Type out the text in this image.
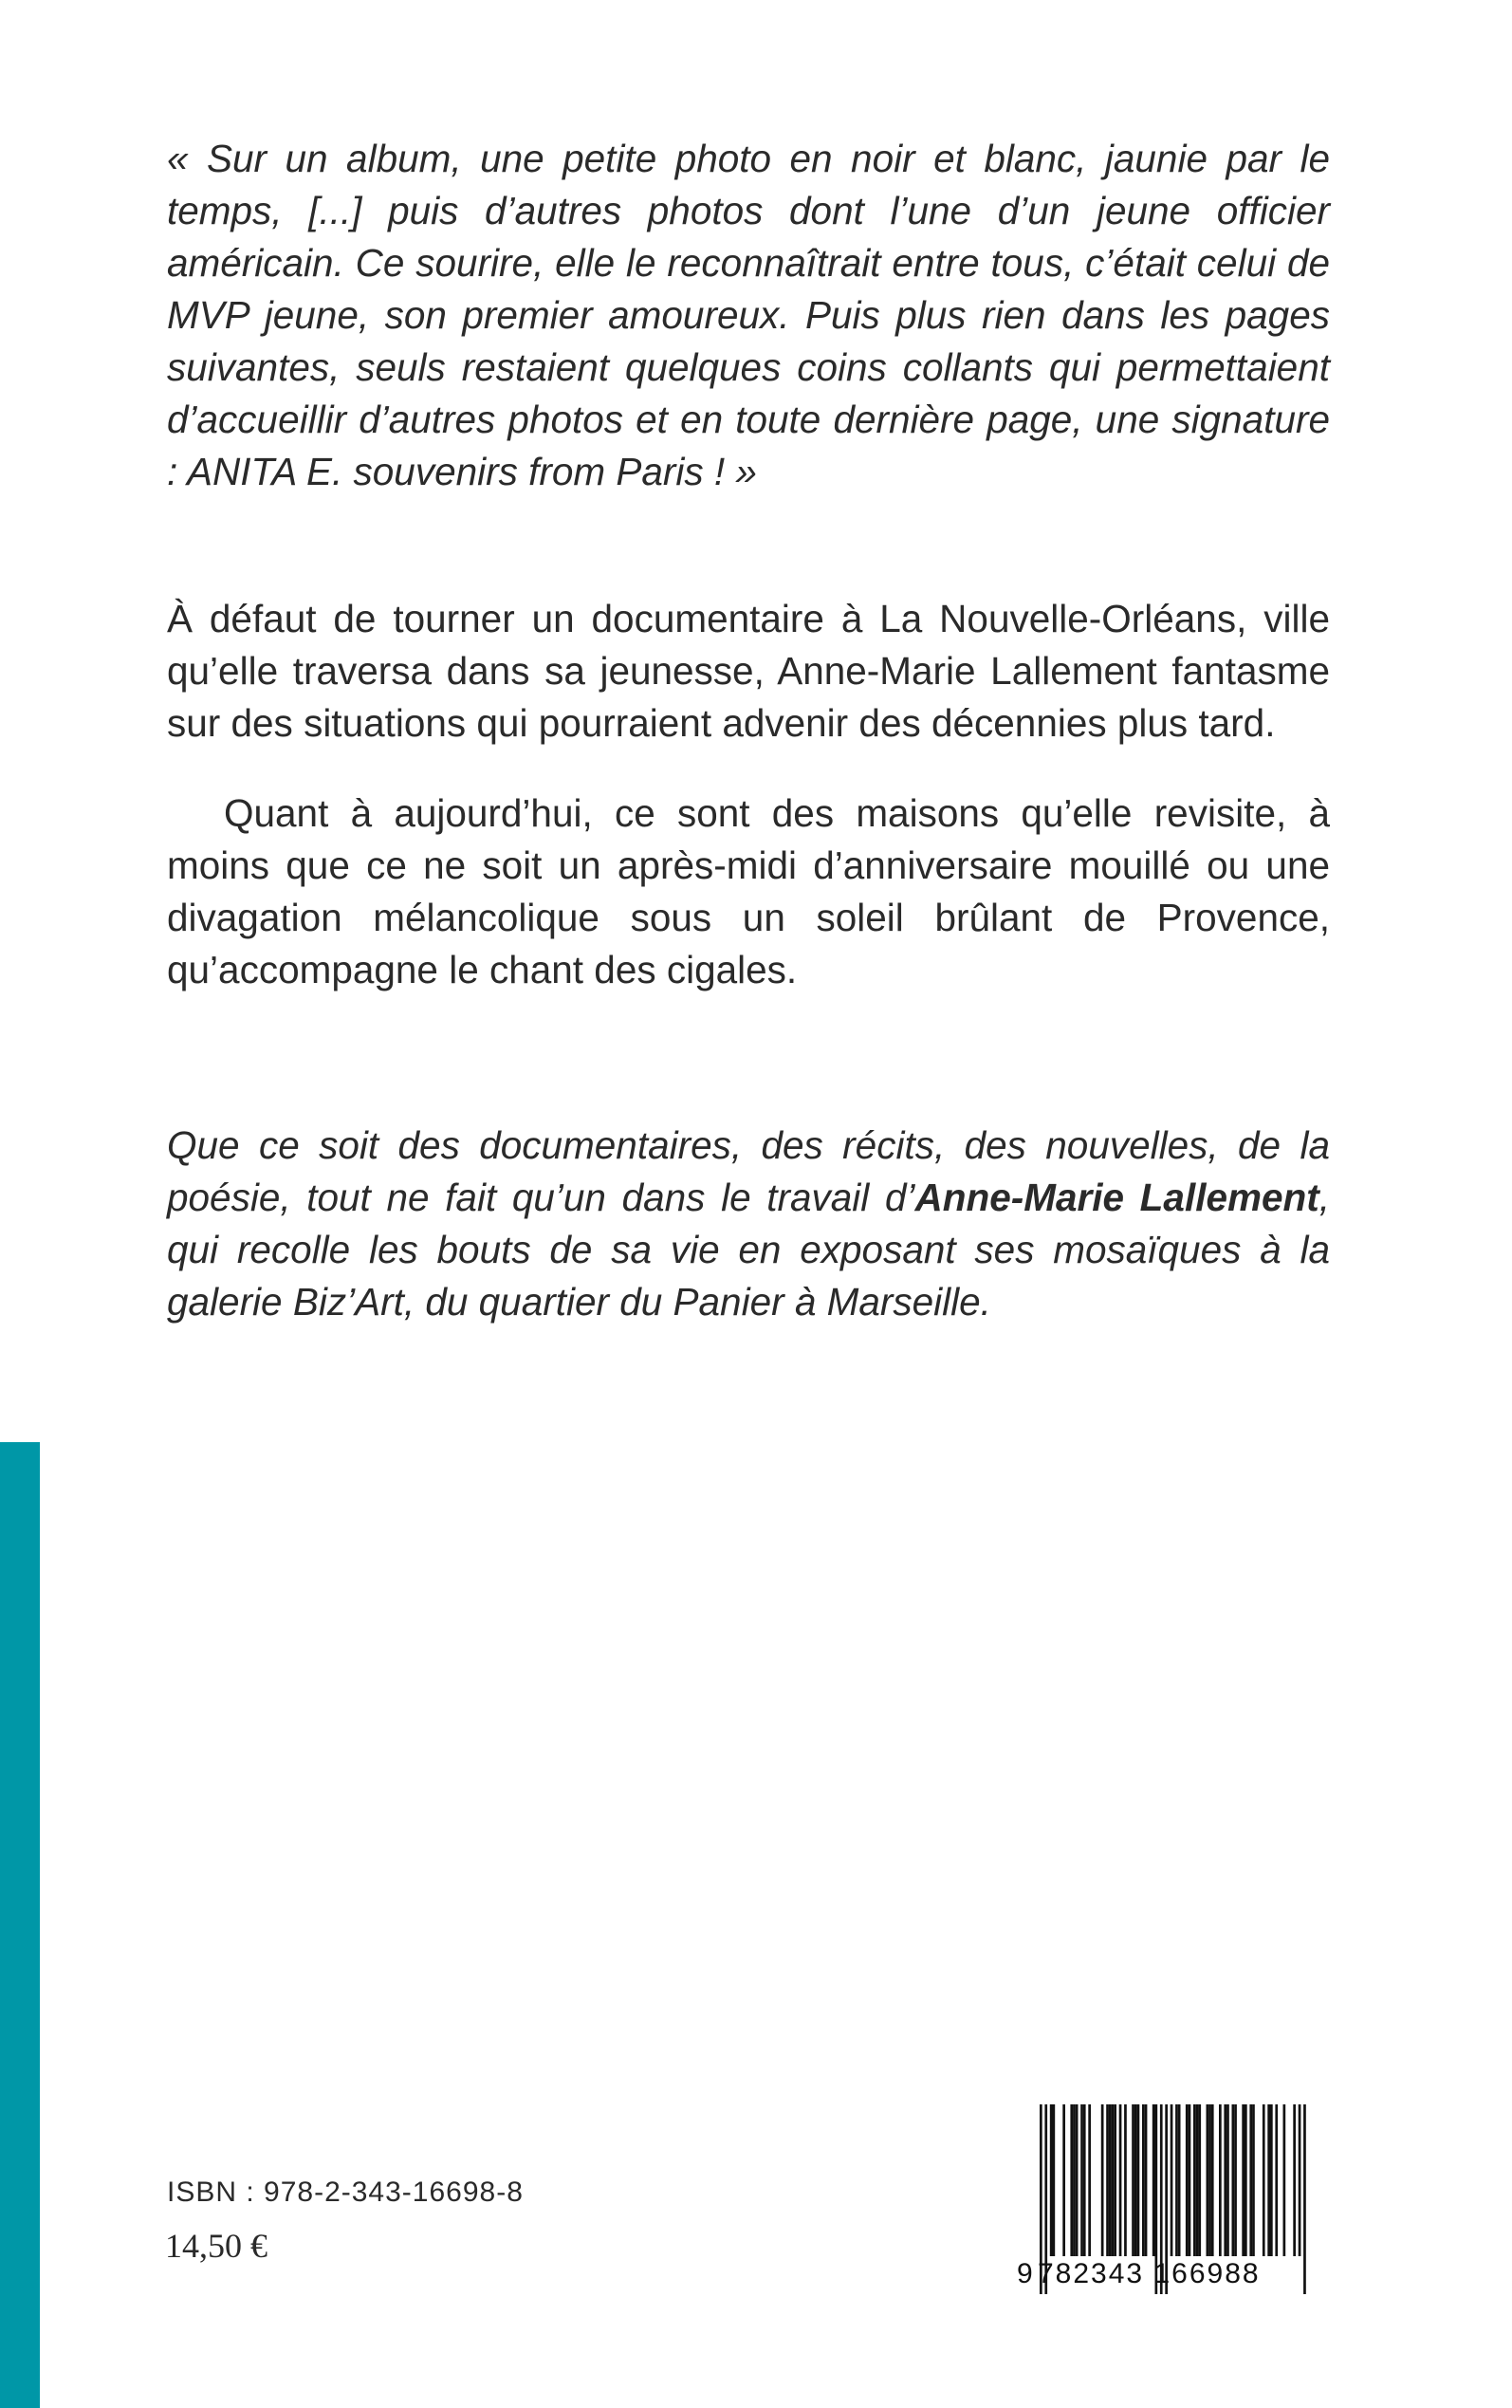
« Sur un album, une petite photo en noir et blanc, jaunie par le temps, [...] puis d’autres photos dont l’une d’un jeune officier américain. Ce sourire, elle le reconnaîtrait entre tous, c’était celui de MVP jeune, son premier amoureux. Puis plus rien dans les pages suivantes, seuls restaient quelques coins collants qui permettaient d’accueillir d’autres photos et en toute dernière page, une signature : ANITA E. souvenirs from Paris ! »

À défaut de tourner un documentaire à La Nouvelle-Orléans, ville qu’elle traversa dans sa jeunesse, Anne-Marie Lallement fantasme sur des situations qui pourraient advenir des décennies plus tard.

Quant à aujourd’hui, ce sont des maisons qu’elle revisite, à moins que ce ne soit un après-midi d’anniversaire mouillé ou une divagation mélancolique sous un soleil brûlant de Provence, qu’accompagne le chant des cigales.

Que ce soit des documentaires, des récits, des nouvelles, de la poésie, tout ne fait qu’un dans le travail d’Anne-Marie Lallement, qui recolle les bouts de sa vie en exposant ses mosaïques à la galerie Biz’Art, du quartier du Panier à Marseille.

ISBN : 978-2-343-16698-8
14,50 €
9 782343 166988
